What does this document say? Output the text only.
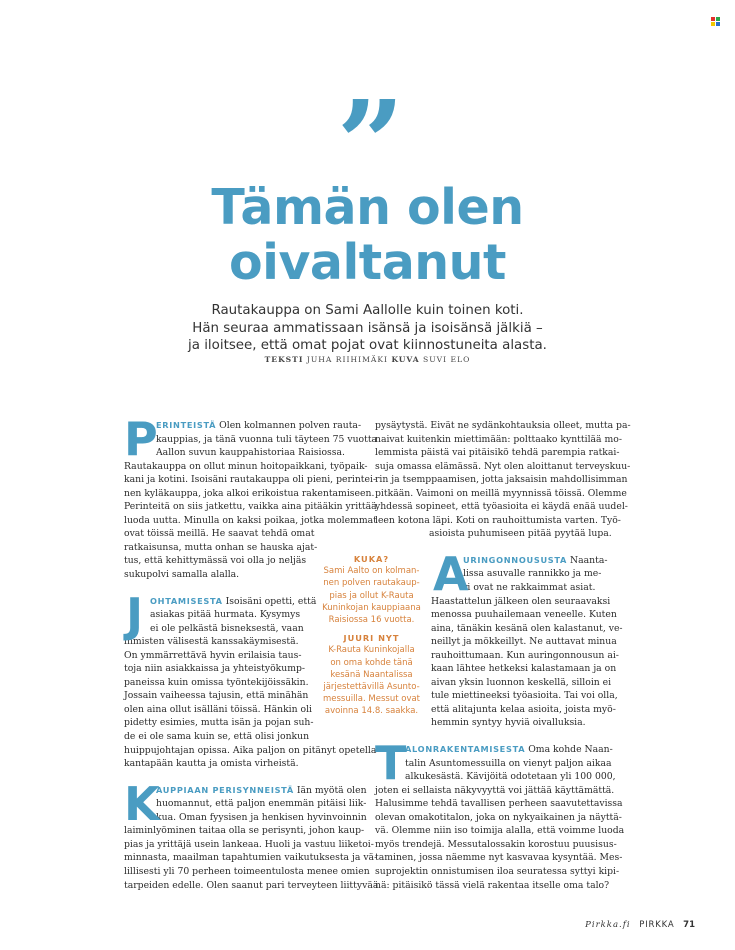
”
Tämän olen
oivaltanut
Rautakauppa on Sami Aallolle kuin toinen koti.
Hän seuraa ammatissaan isänsä ja isoisänsä jälkiä –
ja iloitsee, että omat pojat ovat kiinnostuneita alasta.
TEKSTI JUHA RIIHIMÄKI KUVA SUVI ELO
P
ERINTEISTÄ Olen kolmannen polven rauta-
kauppias, ja tänä vuonna tuli täyteen 75 vuotta
Aallon suvun kauppahistoriaa Raisiossa.
Rautakauppa on ollut minun hoitopaikkani, työpaik-
kani ja kotini. Isoisäni rautakauppa oli pieni, perintei-
nen kyläkauppa, joka alkoi erikoistua rakentamiseen.
Perinteitä on siis jatkettu, vaikka aina pitääkin yrittää
luoda uutta. Minulla on kaksi poikaa, jotka molemmat
ovat töissä meillä. He saavat tehdä omat
ratkaisunsa, mutta onhan se hauska ajat-
tus, että kehittymässä voi olla jo neljäs
sukupolvi samalla alalla.
J OHTAMISESTA Isoisäni opetti, että
asiakas pitää hurmata. Kysymys
ei ole pelkästä bisneksestä, vaan
ihmisten välisestä kanssakäymisestä.
On ymmärrettävä hyvin erilaisia taus-
toja niin asiakkaissa ja yhteistyökump-
paneissa kuin omissa työntekijöissäkin.
Jossain vaiheessa tajusin, että minähän
olen aina ollut isälläni töissä. Hänkin oli
pidetty esimies, mutta isän ja pojan suh-
de ei ole sama kuin se, että olisi jonkun
huippujohtajan opissa. Aika paljon on pitänyt opetella
kantapään kautta ja omista virheistä.
K
AUPPIAAN PERISYNNEISTÄ Iän myötä olen
huomannut, että paljon enemmän pitäisi liik-
kua. Oman fyysisen ja henkisen hyvinvoinnin
laiminlyöminen taitaa olla se perisynti, johon kaup-
pias ja yrittäjä usein lankeaa. Huoli ja vastuu liiketoi-
minnasta, maailman tapahtumien vaikutuksesta ja vä-
lillisesti yli 70 perheen toimeentulosta menee omien
tarpeiden edelle. Olen saanut pari terveyteen liittyvää
KUKA?
Sami Aalto on kolman-
nen polven rautakaup-
pias ja ollut K-Rauta
Kuninkojan kauppiaana
Raisiossa 16 vuotta.
JUURI NYT
K-Rauta Kuninkojalla
on oma kohde tänä
kesänä Naantalissa
järjestettävillä Asunto-
messuilla. Messut ovat
avoinna 14.8. saakka.
pysäytystä. Eivät ne sydänkohtauksia olleet, mutta pa-
naivat kuitenkin miettimään: polttaako kynttilää mo-
lemmista päistä vai pitäisikö tehdä parempia ratkai-
suja omassa elämässä. Nyt olen aloittanut terveyskuu-
rin ja tsemppaamisen, jotta jaksaisin mahdollisimman
pitkään. Vaimoni on meillä myynnissä töissä. Olemme
yhdessä sopineet, että työasioita ei käydä enää uudel-
leen kotona läpi. Koti on rauhoittumista varten. Työ-
asioista puhumiseen pitää pyytää lupa.
A
URINGONNOUSUSTA Naanta-
lissa asuvalle rannikko ja me-
ri ovat ne rakkaimmat asiat.
Haastattelun jälkeen olen seuraavaksi
menossa puuhailemaan veneelle. Kuten
aina, tänäkin kesänä olen kalastanut, ve-
neillyt ja mökkeillyt. Ne auttavat minua
rauhoittumaan. Kun auringonnousun ai-
kaan lähtee hetkeksi kalastamaan ja on
aivan yksin luonnon keskellä, silloin ei
tule miettineeksi työasioita. Tai voi olla,
että alitajunta kelaa asioita, joista myö-
hemmin syntyy hyviä oivalluksia.
T
ALONRAKENTAMISESTA Oma kohde Naan-
talin Asuntomessuilla on vienyt paljon aikaa
alkukesästä. Kävijöitä odotetaan yli 100 000,
joten ei sellaista näkyvyyttä voi jättää käyttämättä.
Halusimme tehdä tavallisen perheen saavutettavissa
olevan omakotitalon, joka on nykyaikainen ja näyttä-
vä. Olemme niin iso toimija alalla, että voimme luoda
myös trendejä. Messutalossakin korostuu puusisus-
taminen, jossa näemme nyt kasvavaa kysyntää. Mes-
suprojektin onnistumisen iloa seuratessa syttyi kipi-
nä: pitäisikö tässä vielä rakentaa itselle oma talo?
Pirkka.fi PIRKKA 71
